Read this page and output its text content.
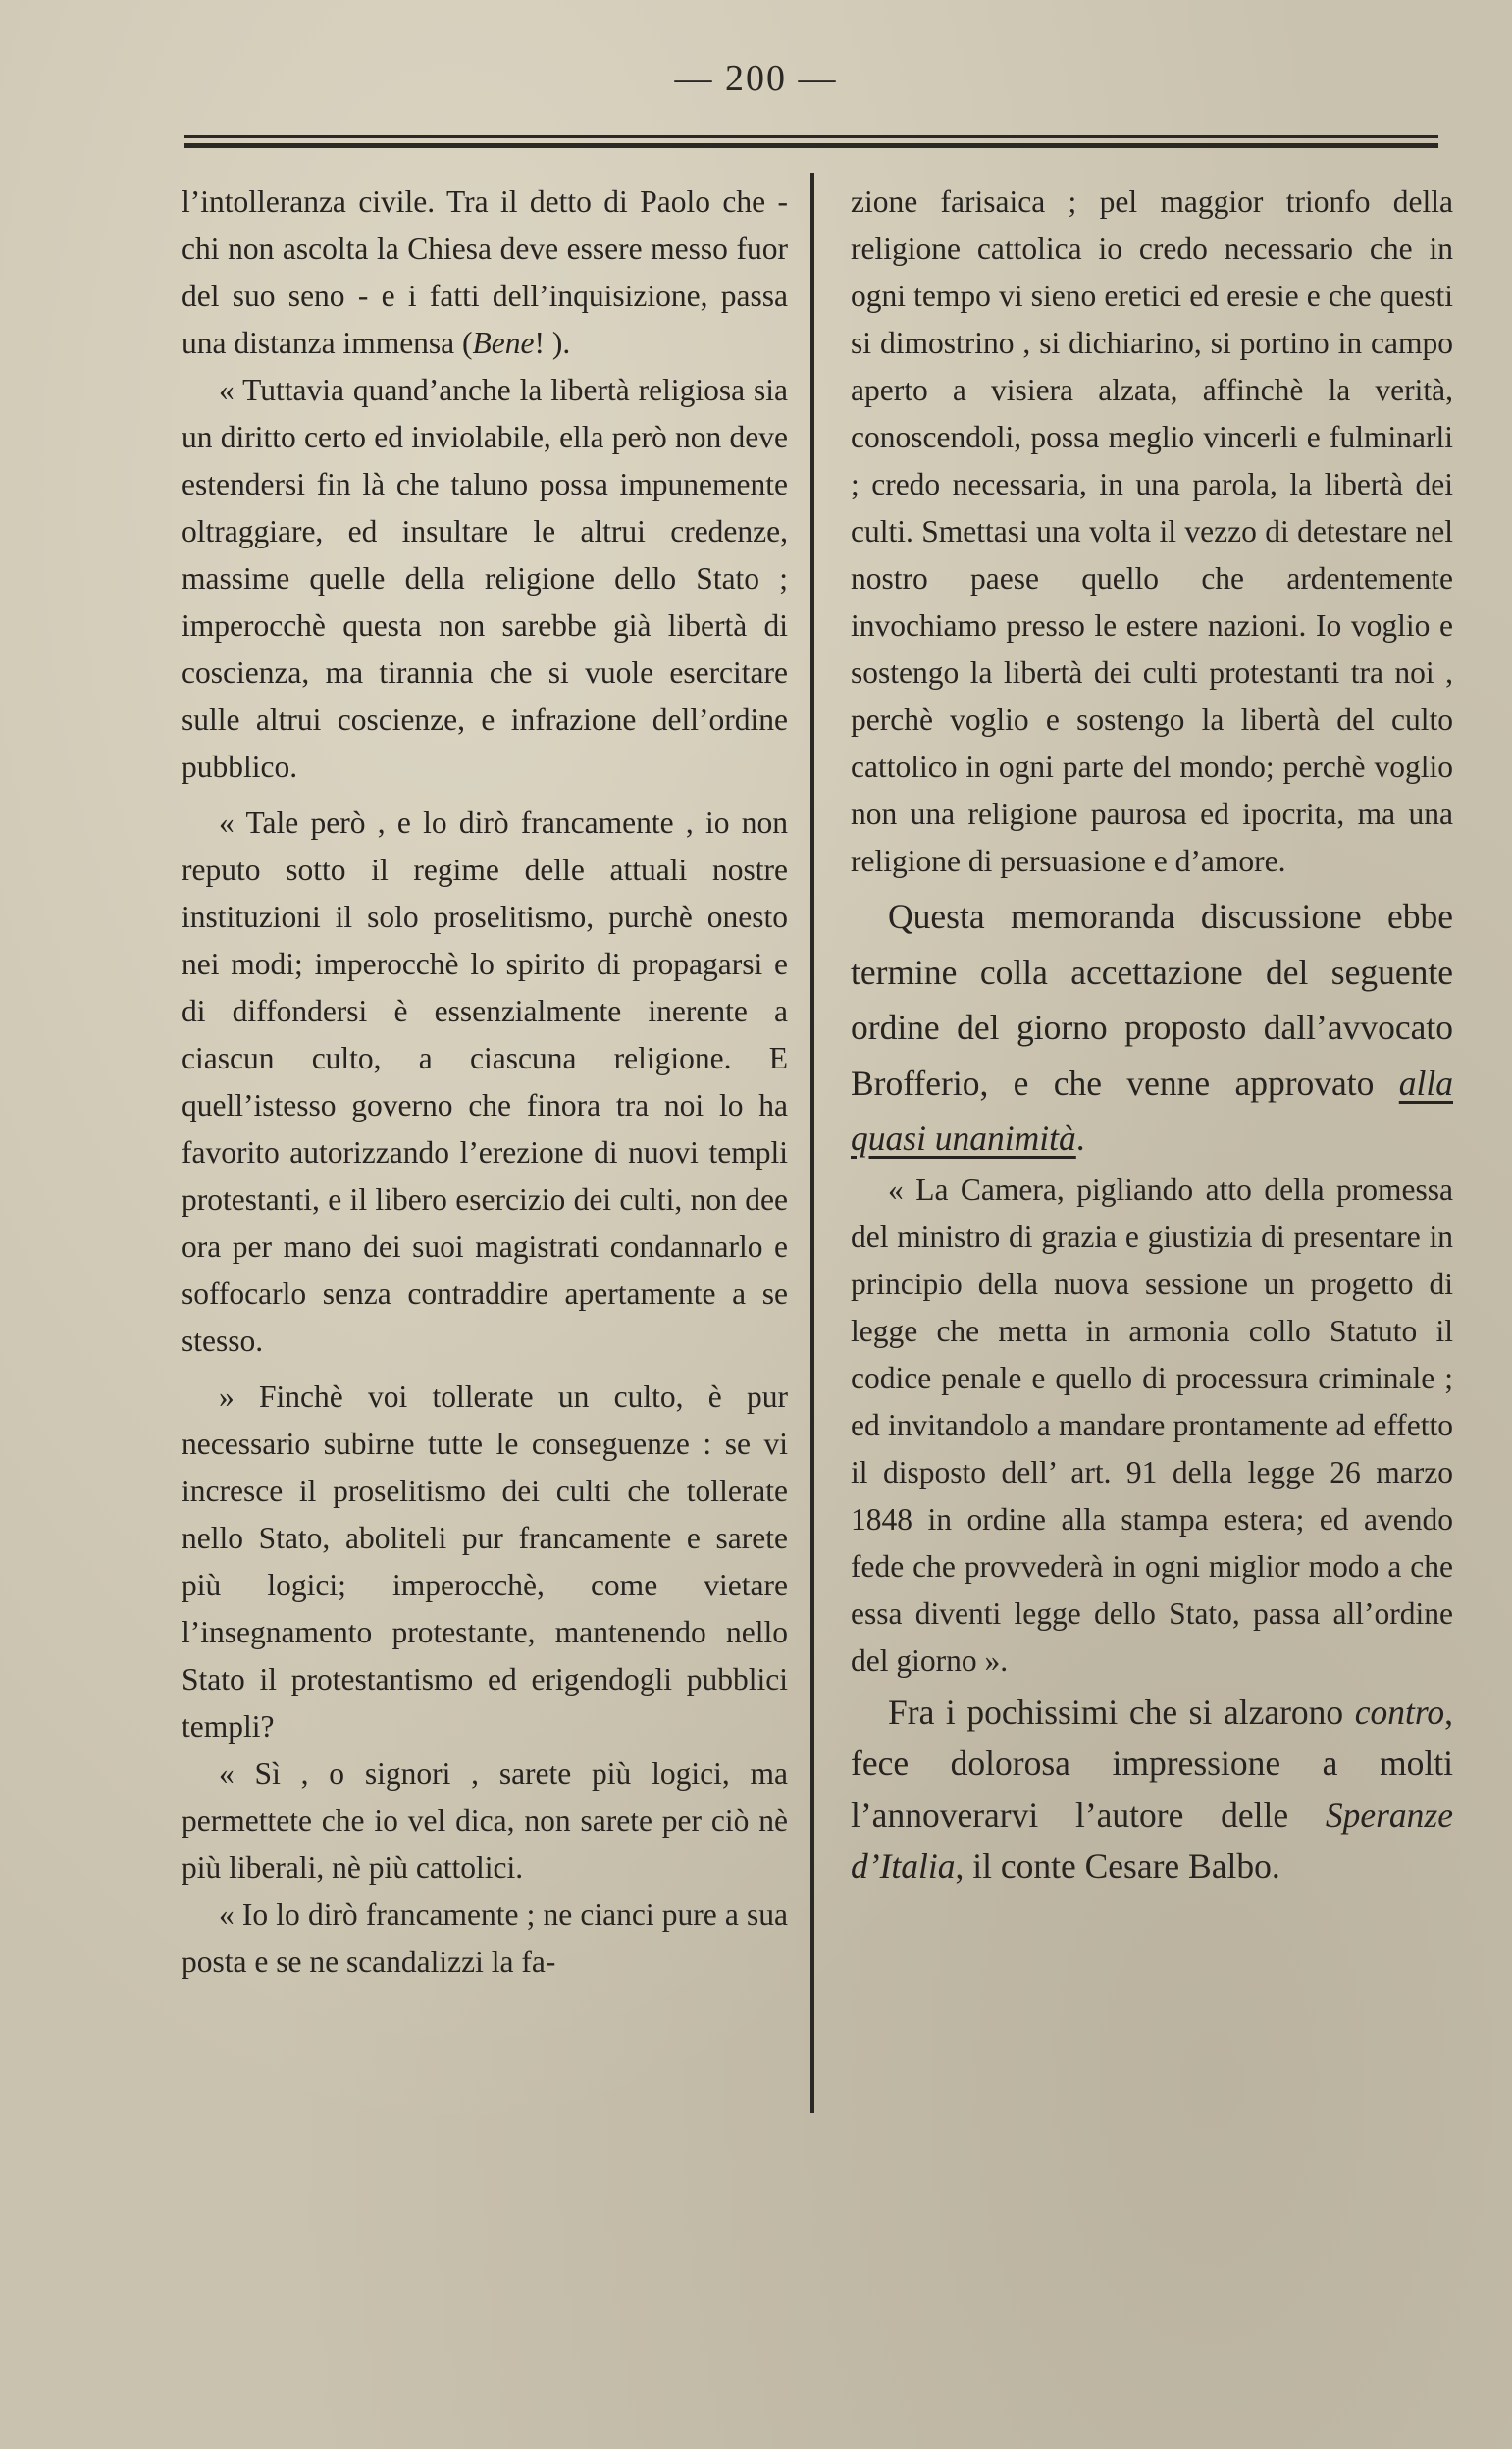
— 200 —

l’intolleranza civile. Tra il detto di Paolo che - chi non ascolta la Chiesa deve essere messo fuor del suo seno - e i fatti dell’inquisizione, passa una distanza immensa (Bene! ).

« Tuttavia quand’anche la libertà religiosa sia un diritto certo ed inviolabile, ella però non deve estendersi fin là che taluno possa impunemente oltraggiare, ed insultare le altrui credenze, massime quelle della religione dello Stato ; imperocchè questa non sarebbe già libertà di coscienza, ma tirannia che si vuole esercitare sulle altrui coscienze, e infrazione dell’ordine pubblico.

« Tale però , e lo dirò francamente , io non reputo sotto il regime delle attuali nostre instituzioni il solo proselitismo, purchè onesto nei modi; imperocchè lo spirito di propagarsi e di diffondersi è essenzialmente inerente a ciascun culto, a ciascuna religione. E quell’istesso governo che finora tra noi lo ha favorito autorizzando l’erezione di nuovi templi protestanti, e il libero esercizio dei culti, non dee ora per mano dei suoi magistrati condannarlo e soffocarlo senza contraddire apertamente a se stesso.

» Finchè voi tollerate un culto, è pur necessario subirne tutte le conseguenze : se vi incresce il proselitismo dei culti che tollerate nello Stato, aboliteli pur francamente e sarete più logici; imperocchè, come vietare l’insegnamento protestante, mantenendo nello Stato il protestantismo ed erigendogli pubblici templi?

« Sì , o signori , sarete più logici, ma permettete che io vel dica, non sarete per ciò nè più liberali, nè più cattolici.

« Io lo dirò francamente ; ne cianci pure a sua posta e se ne scandalizzi la fa-

zione farisaica ; pel maggior trionfo della religione cattolica io credo necessario che in ogni tempo vi sieno eretici ed eresie e che questi si dimostrino , si dichiarino, si portino in campo aperto a visiera alzata, affinchè la verità, conoscendoli, possa meglio vincerli e fulminarli ; credo necessaria, in una parola, la libertà dei culti. Smettasi una volta il vezzo di detestare nel nostro paese quello che ardentemente invochiamo presso le estere nazioni. Io voglio e sostengo la libertà dei culti protestanti tra noi , perchè voglio e sostengo la libertà del culto cattolico in ogni parte del mondo; perchè voglio non una religione paurosa ed ipocrita, ma una religione di persuasione e d’amore.

Questa memoranda discussione ebbe termine colla accettazione del seguente ordine del giorno proposto dall’avvocato Brofferio, e che venne approvato alla quasi unanimità.

« La Camera, pigliando atto della promessa del ministro di grazia e giustizia di presentare in principio della nuova sessione un progetto di legge che metta in armonia collo Statuto il codice penale e quello di processura criminale ; ed invitandolo a mandare prontamente ad effetto il disposto dell’ art. 91 della legge 26 marzo 1848 in ordine alla stampa estera; ed avendo fede che provvederà in ogni miglior modo a che essa diventi legge dello Stato, passa all’ordine del giorno ».

Fra i pochissimi che si alzarono contro, fece dolorosa impressione a molti l’annoverarvi l’autore delle Speranze d’Italia, il conte Cesare Balbo.
